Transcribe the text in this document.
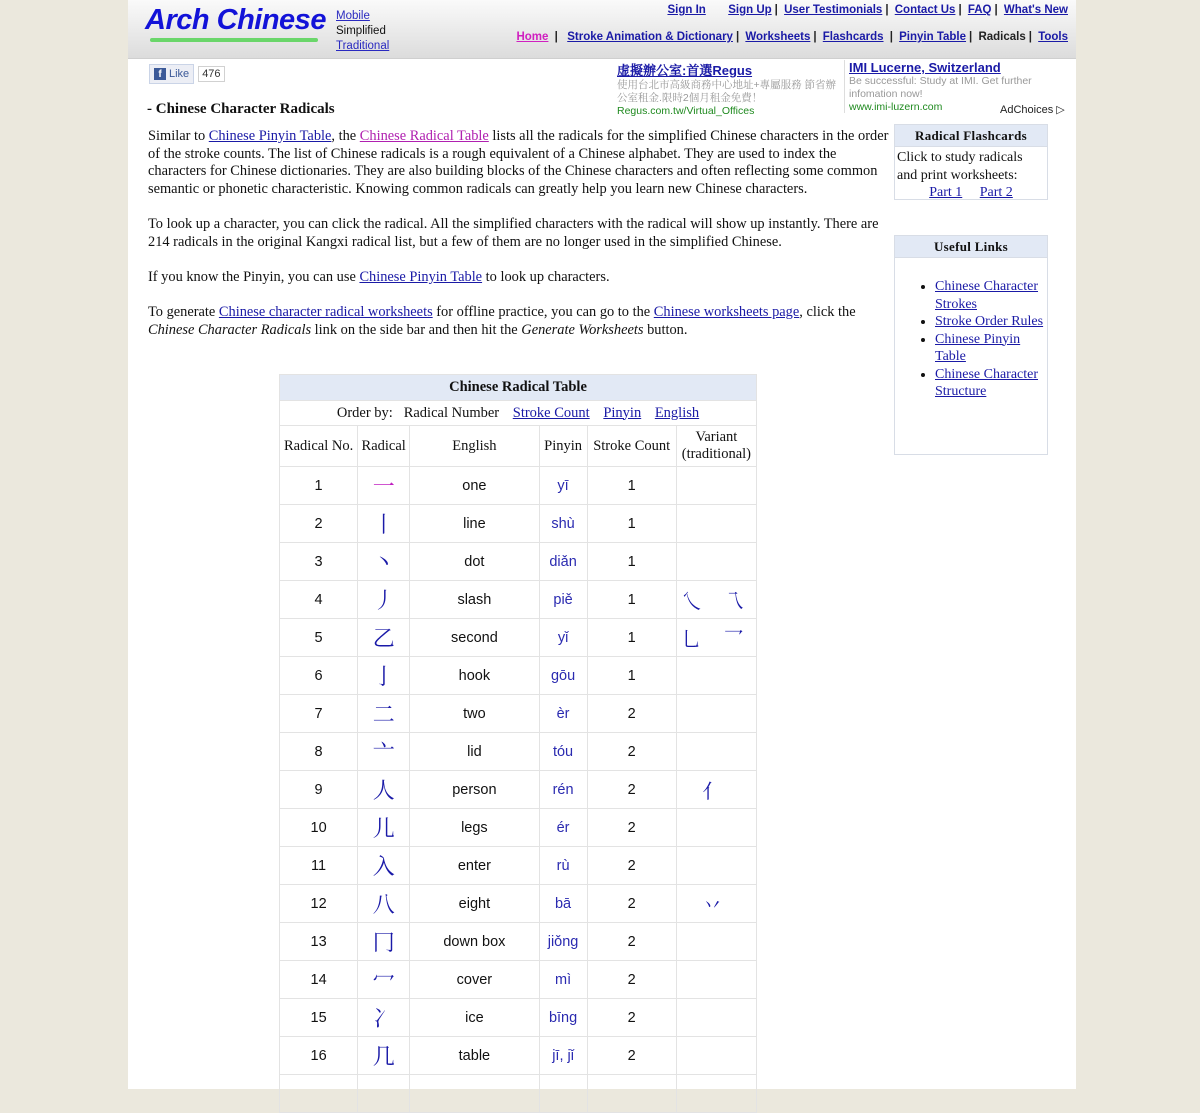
Arch Chinese Mobile
Simplified
Traditional
Sign In Sign Up | User Testimonials | Contact Us | FAQ | What's New
Home |  Stroke Animation & Dictionary | Worksheets | Flashcards | Pinyin Table | Radicals | Tools
f Like	476	虚擬辦公室:首選Regus
使用台北市高級商務中心地址+專屬服務 節省辦公室租金.限時2個月租金免費！
Regus.com.tw/Virtual_Offices
IMI Lucerne, Switzerland
Be successful: Study at IMI. Get further infomation now!
www.imi-luzern.com	AdChoices ▷
- Chinese Character Radicals

Similar to Chinese Pinyin Table, the Chinese Radical Table lists all the radicals for the simplified Chinese characters in the order of the stroke counts. The list of Chinese radicals is a rough equivalent of a Chinese alphabet. They are used to index the characters for Chinese dictionaries. They are also building blocks of the Chinese characters and often reflecting some common semantic or phonetic characteristic. Knowing common radicals can greatly help you learn new Chinese characters.

To look up a character, you can click the radical. All the simplified characters with the radical will show up instantly. There are 214 radicals in the original Kangxi radical list, but a few of them are no longer used in the simplified Chinese.

If you know the Pinyin, you can use Chinese Pinyin Table to look up characters.

To generate Chinese character radical worksheets for offline practice, you can go to the Chinese worksheets page, click the Chinese Character Radicals link on the side bar and then hit the Generate Worksheets button.

Radical Flashcards
Click to study radicals and print worksheets:
Part 1 Part 2
Useful Links
• Chinese Character Strokes
• Stroke Order Rules
• Chinese Pinyin Table
• Chinese Character Structure
Chinese Radical Table					
Order by: Radical Number Stroke Count Pinyin English					
Radical No.	Radical	English	Pinyin	Stroke Count	Variant (traditional)
1	一	one	yī	1	
2	丨	line	shù	1	
3	丶	dot	diǎn	1	
4	丿	slash	piě	1	乀 乁
5	乙	second	yǐ	1	乚 乛
6	亅	hook	gōu	1	
7	二	two	èr	2	
8	亠	lid	tóu	2	
9	人	person	rén	2	亻
10	儿	legs	ér	2	
11	入	enter	rù	2	
12	八	eight	bā	2	丷
13	冂	down box	jiǒng	2	
14	冖	cover	mì	2	
15	冫	ice	bīng	2	
16	几	table	jī, jǐ	2	
